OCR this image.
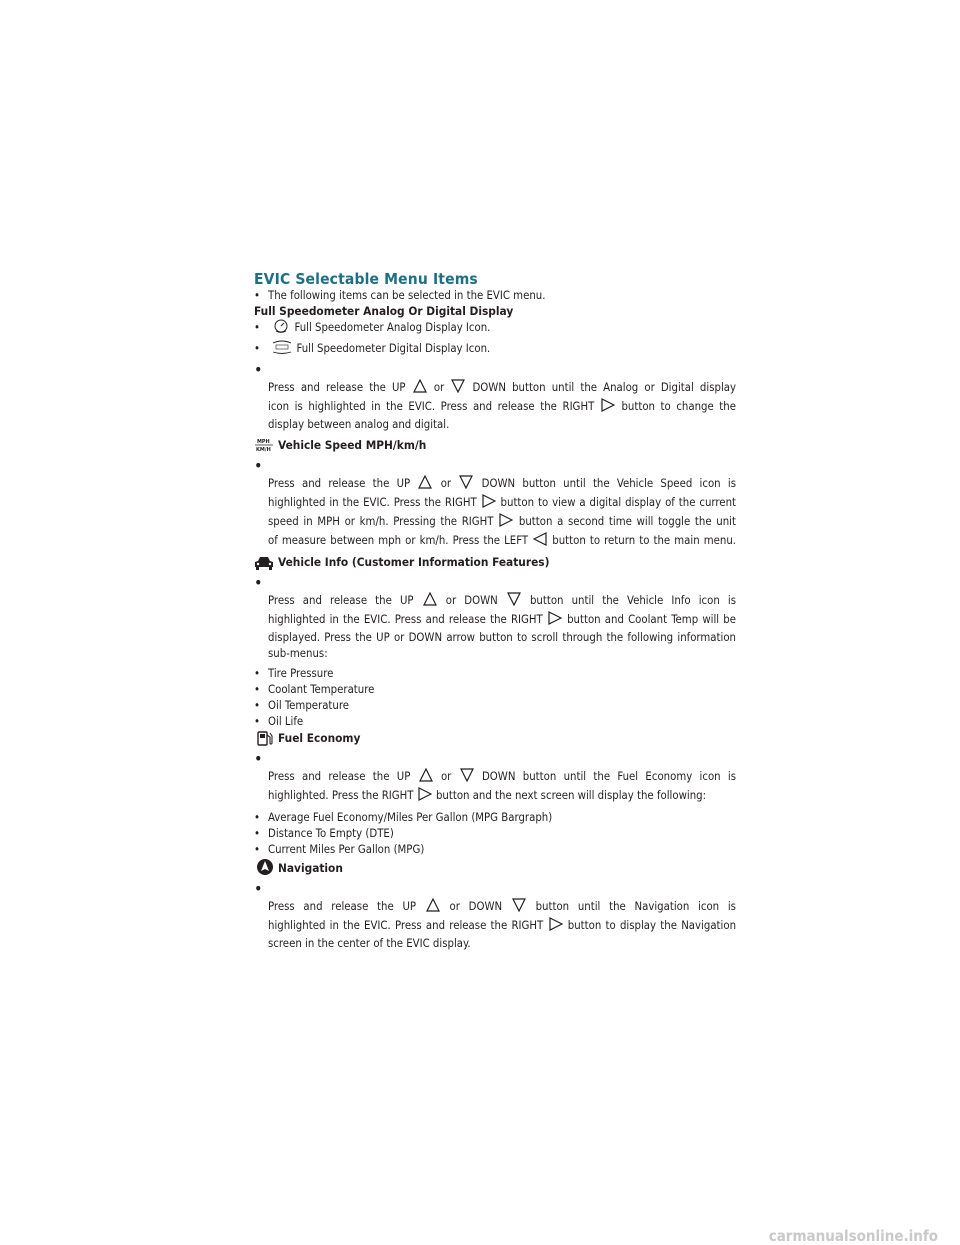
EVIC Selectable Menu Items

• The following items can be selected in the EVIC menu.

Full Speedometer Analog Or Digital Display

• Full Speedometer Analog Display Icon.

• Full Speedometer Digital Display Icon.

• Press and release the UP	or	DOWN button until the Analog or Digital display

icon is highlighted in the EVIC. Press and release the RIGHT button to change the

display between analog and digital.

MPH
KM/H Vehicle Speed MPH/km/h

• Press and release the UP	or	DOWN button until the Vehicle Speed icon is

highlighted in the EVIC. Press the RIGHT button to view a digital display of the current

speed in MPH or km/h. Pressing the RIGHT button a second time will toggle the unit

of measure between mph or km/h. Press the LEFT button to return to the main menu.

Vehicle Info (Customer Information Features)

• Press and release the UP	or DOWN	button until the Vehicle Info icon is

highlighted in the EVIC. Press and release the RIGHT button and Coolant Temp will be

displayed. Press the UP or DOWN arrow button to scroll through the following information

sub-menus:

• Tire Pressure

• Coolant Temperature

• Oil Temperature

• Oil Life

Fuel Economy

• Press and release the UP	or	DOWN button until the Fuel Economy icon is

highlighted. Press the RIGHT button and the next screen will display the following:

• Average Fuel Economy/Miles Per Gallon (MPG Bargraph)

• Distance To Empty (DTE)

• Current Miles Per Gallon (MPG)

Navigation

• Press and release the UP	or DOWN	button until the Navigation icon is

highlighted in the EVIC. Press and release the RIGHT button to display the Navigation

screen in the center of the EVIC display.

carmanualsonline.info
